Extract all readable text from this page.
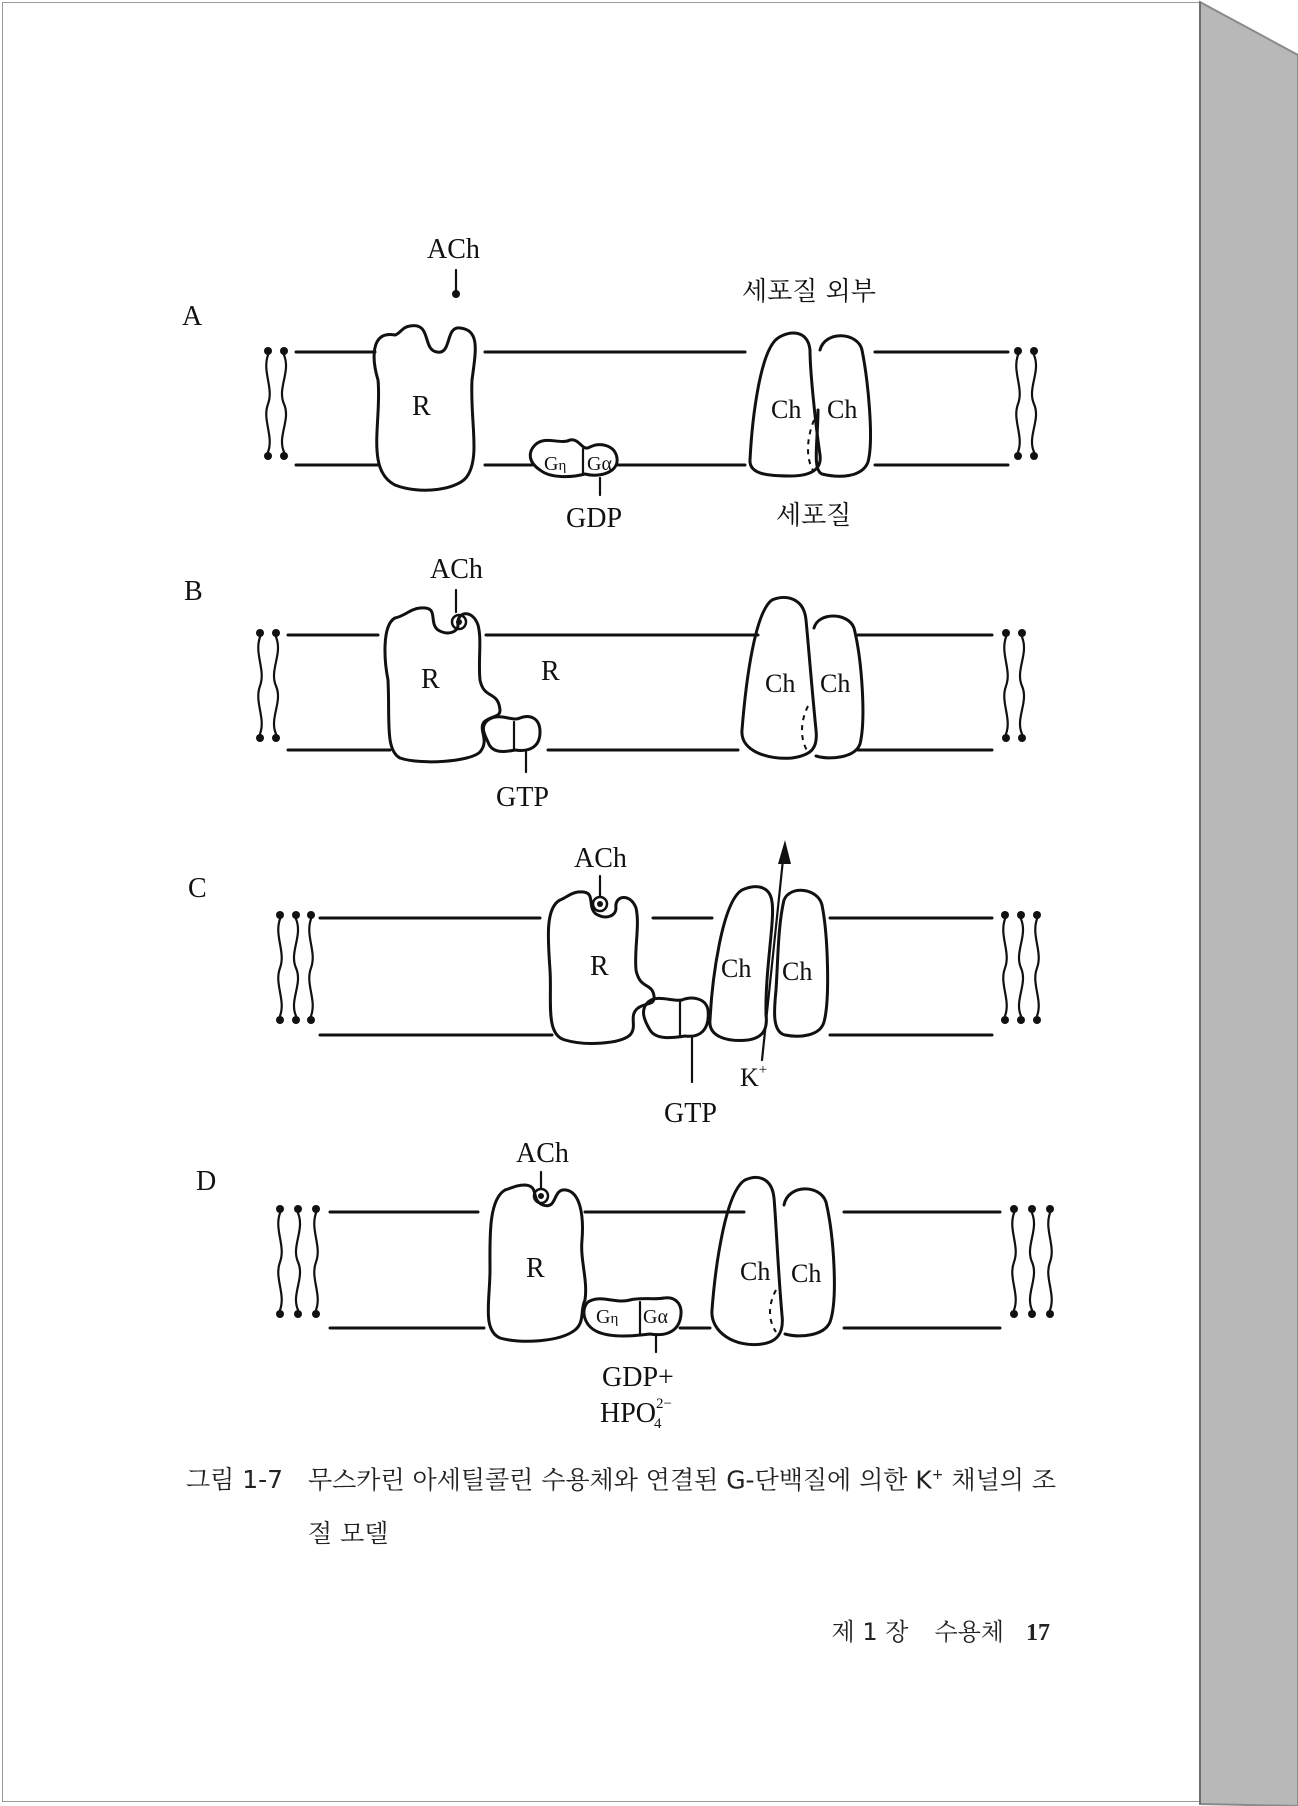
A
R
ACh
Gη Gα
GDP
Ch Ch
세포질 외부
세포질
B
R	R
ACh
GTP
Ch Ch
C
R
ACh
GTP
Ch Ch
K+
D
R
ACh
Gη Gα
GDP+
$HPO^{2-}$ 4
Ch Ch
그림 1-7 무스카린 아세틸콜린 수용체와 연결된 G-단백질에 의한 K+ 채널의 조
절 모델
제 1 장 수용체 17
